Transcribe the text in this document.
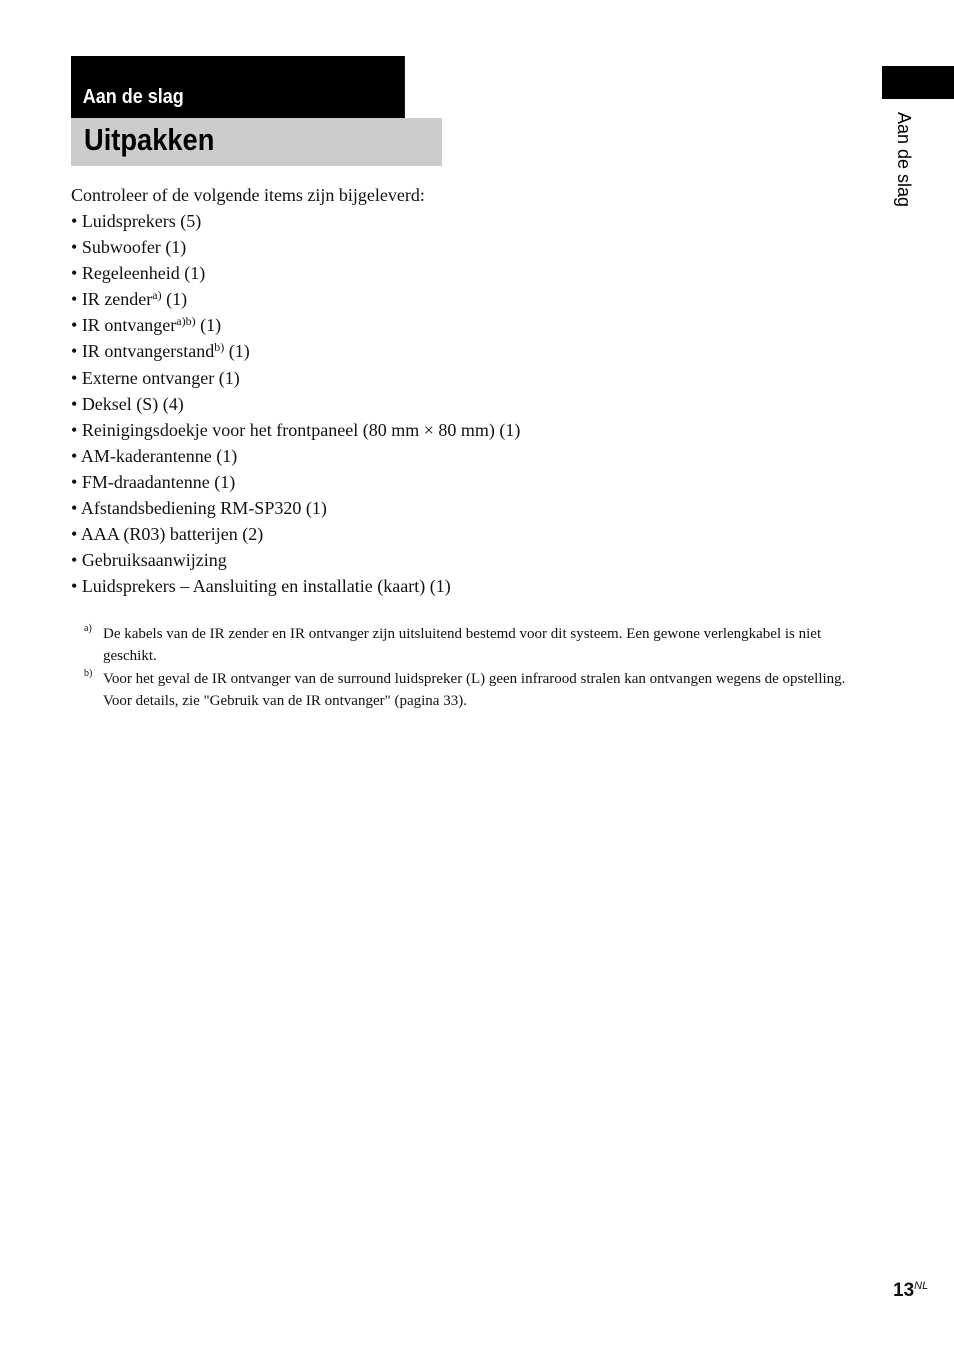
Aan de slag
Uitpakken	Aan de slag
Controleer of de volgende items zijn bijgeleverd:
• Luidsprekers (5)
• Subwoofer (1)
• Regeleenheid (1)
• IR zender$^{a)}$ (1)
• IR ontvanger$^{a)b)}$ (1)
• IR ontvangerstand$^{b)}$ (1)
• Externe ontvanger (1)
• Deksel (S) (4)
• Reinigingsdoekje voor het frontpaneel (80 mm × 80 mm) (1)
• AM-kaderantenne (1)
• FM-draadantenne (1)
• Afstandsbediening RM-SP320 (1)
• AAA (R03) batterijen (2)
• Gebruiksaanwijzing
• Luidsprekers – Aansluiting en installatie (kaart) (1)
a) De kabels van de IR zender en IR ontvanger zijn uitsluitend bestemd voor dit systeem. Een gewone verlengkabel is niet geschikt.
b) Voor het geval de IR ontvanger van de surround luidspreker (L) geen infrarood stralen kan ontvangen wegens de opstelling. Voor details, zie "Gebruik van de IR ontvanger" (pagina 33).
$13^{NL}$
